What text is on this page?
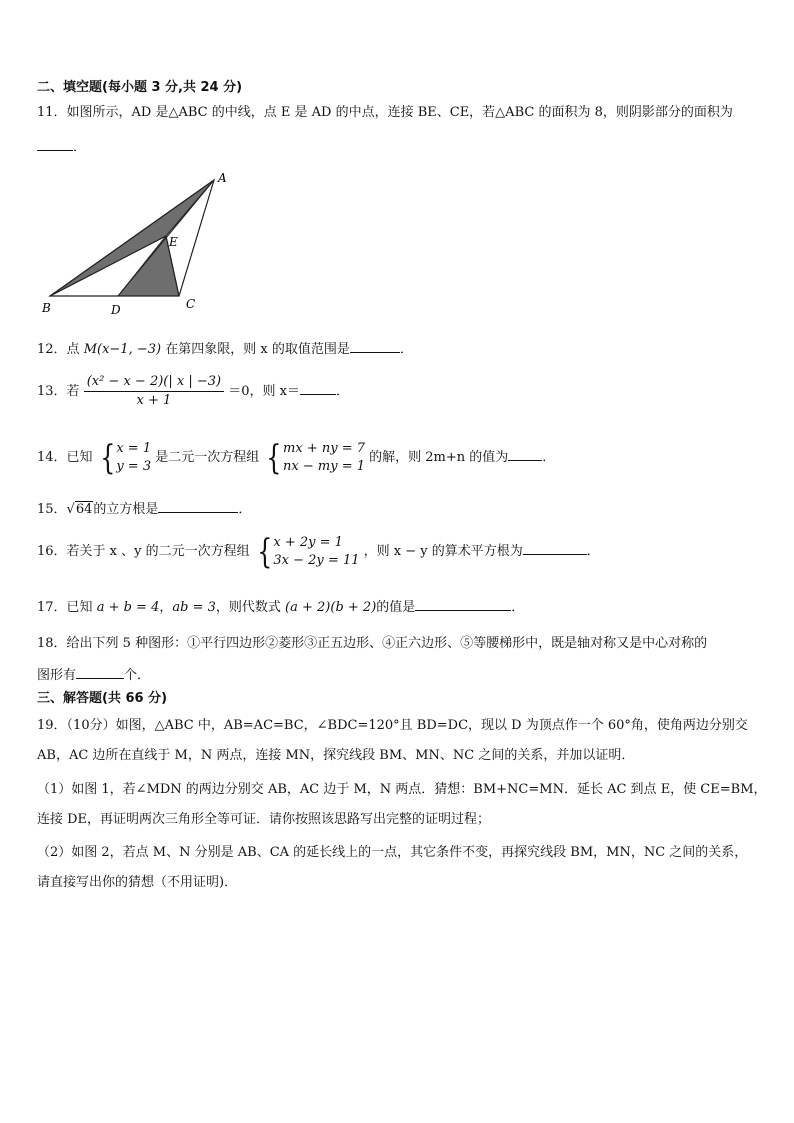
二、填空题(每小题 3 分,共 24 分)
11．如图所示，AD 是△ABC 的中线，点 E 是 AD 的中点，连接 BE、CE，若△ABC 的面积为 8，则阴影部分的面积为
．
A
B	C
D
E
12．点 M(x−1, −3) 在第四象限，则 x 的取值范围是	．
13．若 $\frac{\text{(x² − x − 2)(| x | −3)}}{x + 1} =0$，则 x＝	．
14．已知 { x = 1
y = 3
是二元一次方程组 { mx + ny = 7
nx − my = 1
的解，则 2m+n 的值为	．
15．√64的立方根是	．
16．若关于 x 、y 的二元一次方程组 { x + 2y = 1
3x − 2y = 11
，则 x − y 的算术平方根为	．
17．已知 a + b = 4，ab = 3，则代数式 (a + 2)(b + 2)的值是	．
18．给出下列 5 种图形：①平行四边形②菱形③正五边形、④正六边形、⑤等腰梯形中，既是轴对称又是中心对称的
图形有	个．
三、解答题(共 66 分)
19．（10分）如图，△ABC 中，AB=AC=BC，∠BDC=120°且 BD=DC，现以 D 为顶点作一个 60°角，使角两边分别交
AB，AC 边所在直线于 M，N 两点，连接 MN，探究线段 BM、MN、NC 之间的关系，并加以证明．
（1）如图 1，若∠MDN 的两边分别交 AB，AC 边于 M，N 两点．猜想：BM+NC=MN．延长 AC 到点 E，使 CE=BM，
连接 DE，再证明两次三角形全等可证．请你按照该思路写出完整的证明过程；
（2）如图 2，若点 M、N 分别是 AB、CA 的延长线上的一点，其它条件不变，再探究线段 BM，MN，NC 之间的关系，
请直接写出你的猜想（不用证明)．
